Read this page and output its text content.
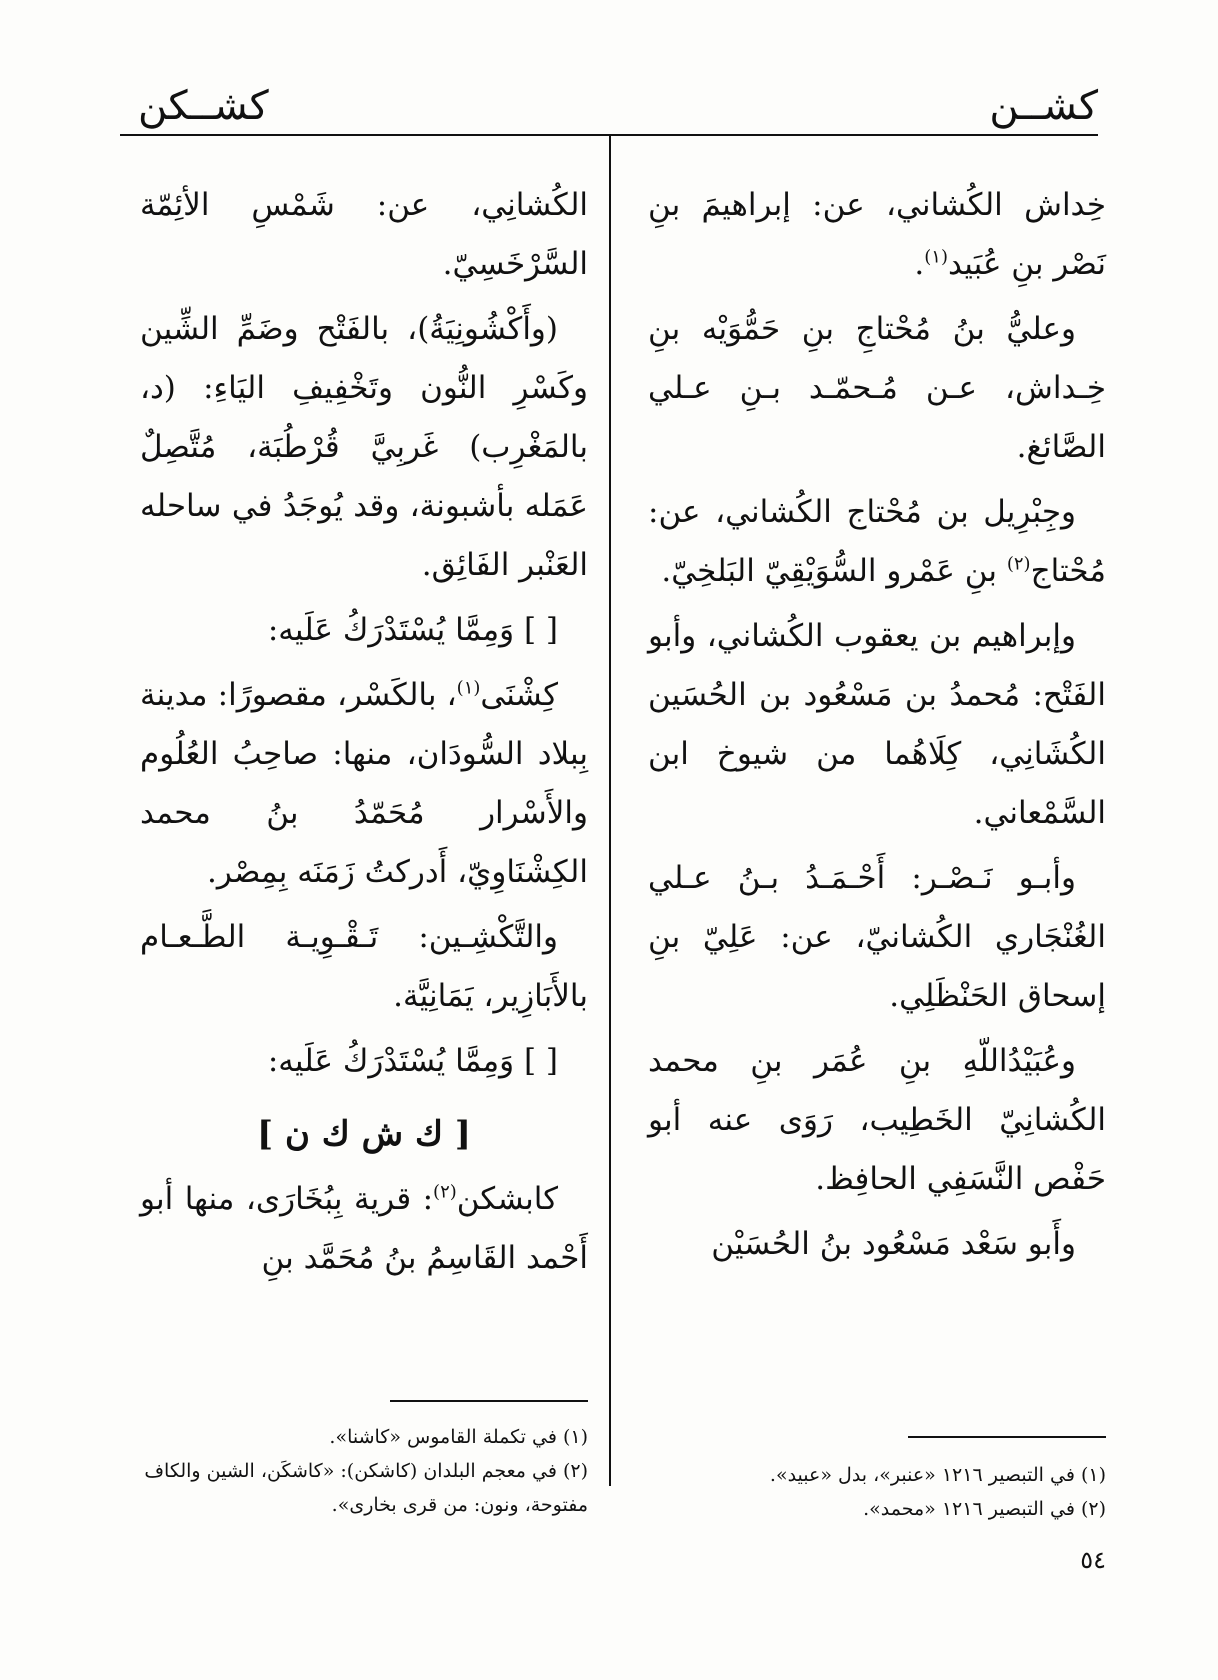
كشــن
كشــكن

خِداش الكُشاني، عن: إبراهيمَ بنِ نَصْر بنِ عُبَيد$^{(١)}$.

وعليُّ بنُ مُحْتاجِ بنِ حَمُّوَيْه بنِ خِـداش، عـن مُـحمّـد بـنِ عـلي الصَّائغ.

وجِبْرِيل بن مُحْتاج الكُشاني، عن: مُحْتاج$^{(٢)}$ بنِ عَمْرو السُّوَيْقِيّ البَلخِيّ.

وإبراهيم بن يعقوب الكُشاني، وأبو الفَتْح: مُحمدُ بن مَسْعُود بن الحُسَين الكُشَانِي، كِلَاهُما من شيوخ ابن السَّمْعاني.

وأبـو نَـصْـر: أَحْـمَـدُ بـنُ عـلي الغُنْجَاري الكُشانيّ، عن: عَلِيّ بنِ إسحاق الحَنْظَلِي.

وعُبَيْدُاللّهِ بنِ عُمَر بنِ محمد الكُشانِيّ الخَطِيب، رَوَى عنه أبو حَفْص النَّسَفِي الحافِظ.

وأَبو سَعْد مَسْعُود بنُ الحُسَيْن

الكُشانِي، عن: شَمْسِ الأئِمّة السَّرْخَسِيّ.

(وأَكْشُونِيَةُ)، بالفَتْح وضَمِّ الشِّين وكَسْرِ النُّون وتَخْفِيفِ اليَاءِ: (د، بالمَغْرِب) غَربِيَّ قُرْطُبَة، مُتَّصِلٌ عَمَله بأشبونة، وقد يُوجَدُ في ساحله العَنْبر الفَائِق.

[ ] وَمِمَّا يُسْتَدْرَكُ عَلَيه:

كِشْنَى$^{(١)}$، بالكَسْر، مقصورًا: مدينة بِبلاد السُّودَان، منها: صاحِبُ العُلُوم والأَسْرار مُحَمّدُ بنُ محمد الكِشْنَاوِيّ، أَدركتُ زَمَنَه بِمِصْر.

والتَّكْشِـين: تَـقْـوِيـة الطَّـعـام بالأَبَازِير، يَمَانِيَّة.

[ ] وَمِمَّا يُسْتَدْرَكُ عَلَيه:

[ ك ش ك ن ]

كابشكن$^{(٢)}$: قرية بِبُخَارَى، منها أبو أَحْمد القَاسِمُ بنُ مُحَمَّد بنِ

(١) في التبصير ١٢١٦ «عنبر»، بدل «عبيد».
(٢) في التبصير ١٢١٦ «محمد».
(١) في تكملة القاموس «كاشنا».
(٢) في معجم البلدان (كاشكن): «كاشكَن، الشين والكاف مفتوحة، ونون: من قرى بخارى».
٥٤
